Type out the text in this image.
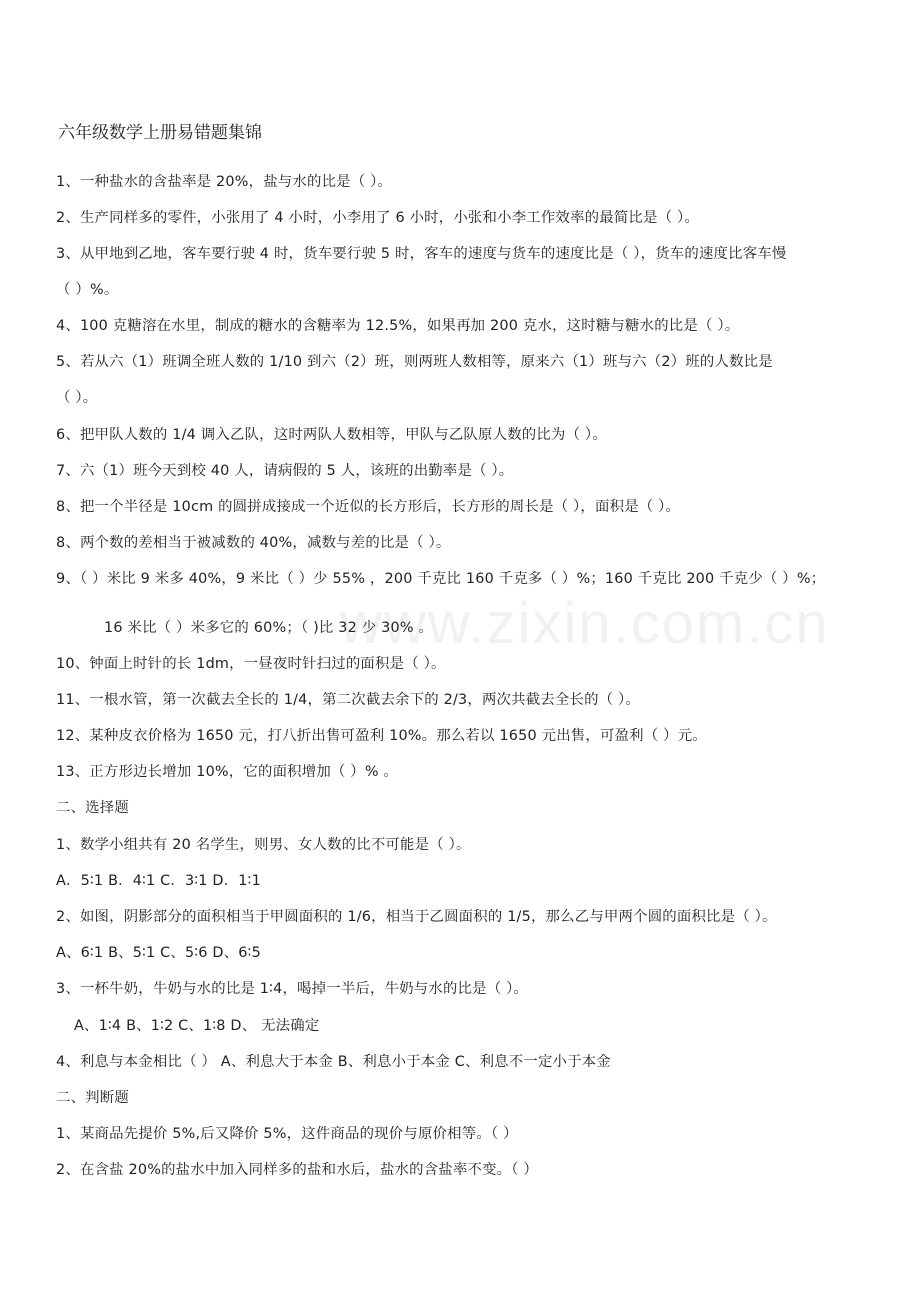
www.zixin.com.cn
六年级数学上册易错题集锦
1、一种盐水的含盐率是 20%，盐与水的比是（ ）。
2、生产同样多的零件，小张用了 4 小时，小李用了 6 小时，小张和小李工作效率的最简比是（ ）。
3、从甲地到乙地，客车要行驶 4 时，货车要行驶 5 时，客车的速度与货车的速度比是（ ），货车的速度比客车慢
（ ）%。
4、100 克糖溶在水里，制成的糖水的含糖率为 12.5%，如果再加 200 克水，这时糖与糖水的比是（ ）。
5、若从六（1）班调全班人数的 1/10 到六（2）班，则两班人数相等，原来六（1）班与六（2）班的人数比是
（ ）。
6、把甲队人数的 1/4 调入乙队，这时两队人数相等，甲队与乙队原人数的比为（ ）。
7、六（1）班今天到校 40 人，请病假的 5 人，该班的出勤率是（ ）。
8、把一个半径是 10cm 的圆拼成接成一个近似的长方形后，长方形的周长是（ ），面积是（ ）。
8、两个数的差相当于被减数的 40%，减数与差的比是（ ）。
9、（ ）米比 9 米多 40%，9 米比（ ）少 55% ，200 千克比 160 千克多（ ）%；160 千克比 200 千克少（ ）%；
16 米比（ ）米多它的 60%；（ )比 32 少 30% 。
10、钟面上时针的长 1dm，一昼夜时针扫过的面积是（ ）。
11、一根水管，第一次截去全长的 1/4，第二次截去余下的 2/3，两次共截去全长的（ ）。
12、某种皮衣价格为 1650 元，打八折出售可盈利 10%。那么若以 1650 元出售，可盈利（ ）元。
13、正方形边长增加 10%，它的面积增加（ ）% 。
二、选择题
1、数学小组共有 20 名学生，则男、女人数的比不可能是（ ）。
A．5∶1 B．4∶1 C．3∶1 D．1∶1
2、如图，阴影部分的面积相当于甲圆面积的 1/6，相当于乙圆面积的 1/5，那么乙与甲两个圆的面积比是（ ）。
A、6∶1 B、5∶1 C、5∶6 D、6∶5
3、一杯牛奶，牛奶与水的比是 1∶4，喝掉一半后，牛奶与水的比是（ ）。
A、1∶4 B、1∶2 C、1∶8 D、 无法确定
4、利息与本金相比（ ） A、利息大于本金 B、利息小于本金 C、利息不一定小于本金
二、判断题
1、某商品先提价 5%,后又降价 5%，这件商品的现价与原价相等。（ ）
2、在含盐 20%的盐水中加入同样多的盐和水后，盐水的含盐率不变。（ ）
